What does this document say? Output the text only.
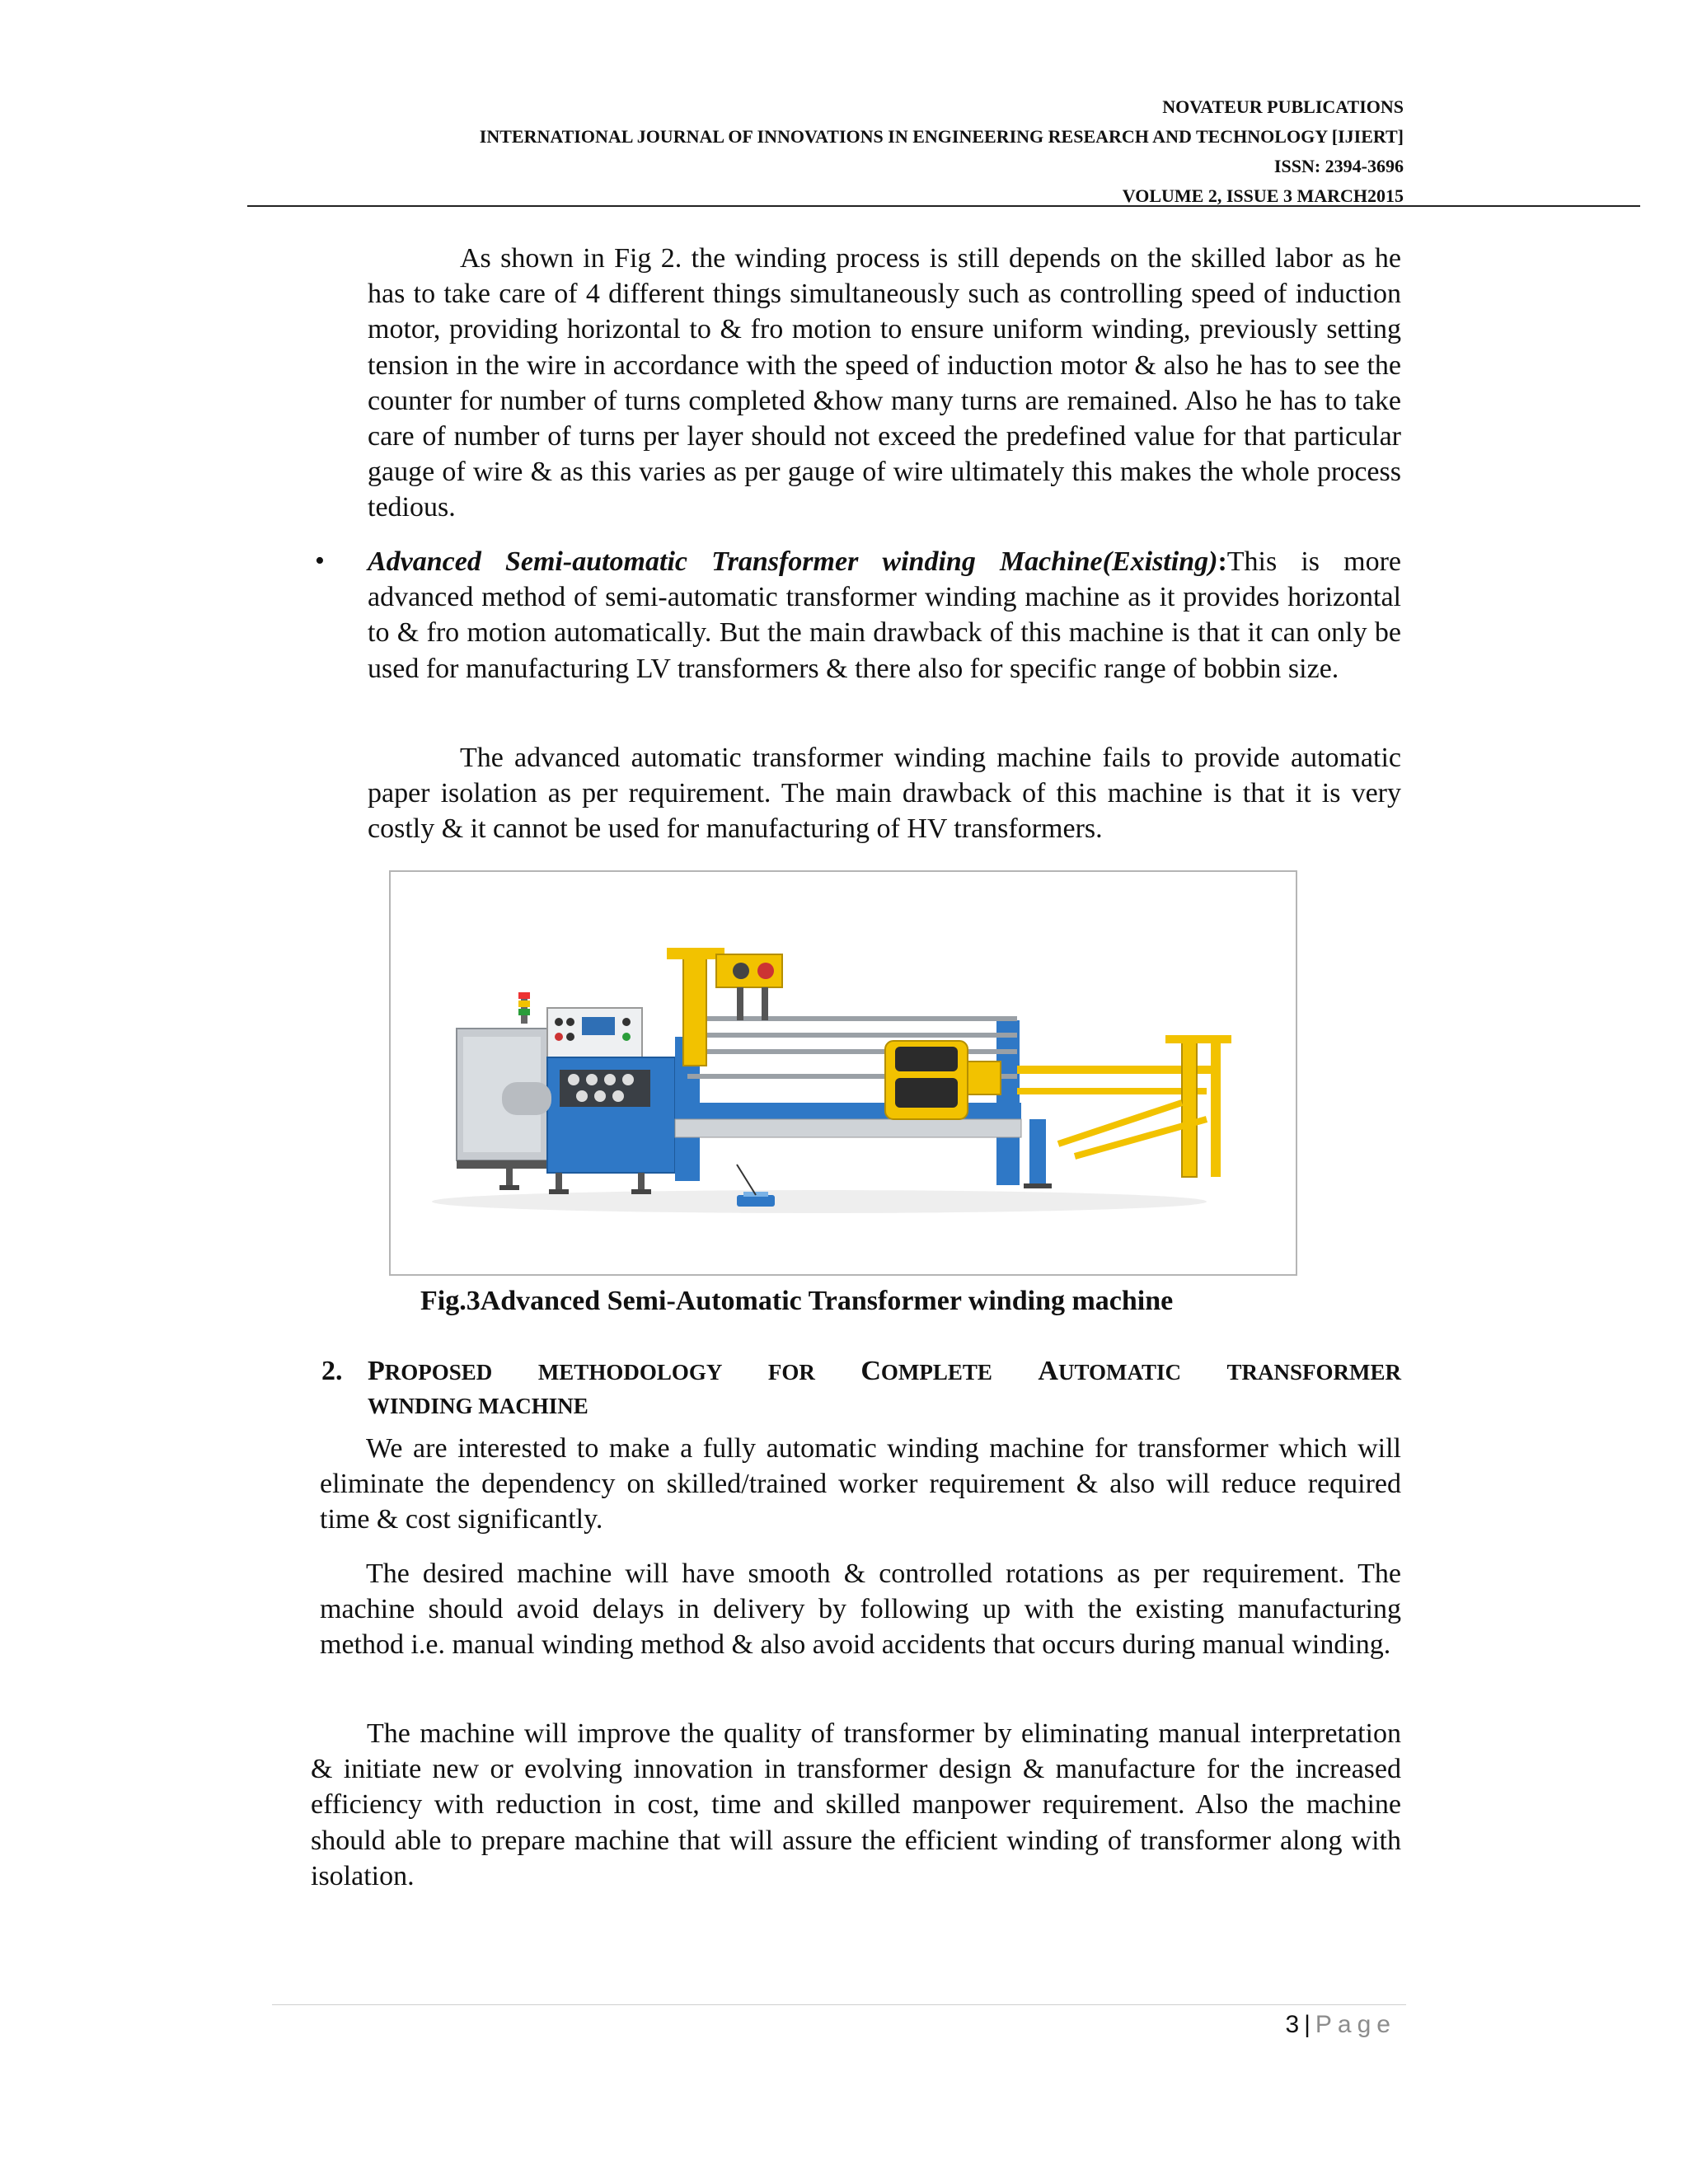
NOVATEUR PUBLICATIONS
INTERNATIONAL JOURNAL OF INNOVATIONS IN ENGINEERING RESEARCH AND TECHNOLOGY [IJIERT]
ISSN: 2394-3696
VOLUME 2, ISSUE 3 MARCH2015
As shown in Fig 2. the winding process is still depends on the skilled labor as he has to take care of 4 different things simultaneously such as controlling speed of induction motor, providing horizontal to & fro motion to ensure uniform winding, previously setting tension in the wire in accordance with the speed of induction motor & also he has to see the counter for number of turns completed &how many turns are remained. Also he has to take care of number of turns per layer should not exceed the predefined value for that particular gauge of wire & as this varies as per gauge of wire ultimately this makes the whole process tedious.
• Advanced Semi-automatic Transformer winding Machine(Existing):This is more advanced method of semi-automatic transformer winding machine as it provides horizontal to & fro motion automatically. But the main drawback of this machine is that it can only be used for manufacturing LV transformers & there also for specific range of bobbin size.
The advanced automatic transformer winding machine fails to provide automatic paper isolation as per requirement. The main drawback of this machine is that it is very costly & it cannot be used for manufacturing of HV transformers.
Fig.3Advanced Semi-Automatic Transformer winding machine
2. PROPOSED METHODOLOGY FOR COMPLETE AUTOMATIC TRANSFORMER
WINDING MACHINE
We are interested to make a fully automatic winding machine for transformer which will eliminate the dependency on skilled/trained worker requirement & also will reduce required time & cost significantly.
The desired machine will have smooth & controlled rotations as per requirement. The machine should avoid delays in delivery by following up with the existing manufacturing method i.e. manual winding method & also avoid accidents that occurs during manual winding.
The machine will improve the quality of transformer by eliminating manual interpretation & initiate new or evolving innovation in transformer design & manufacture for the increased efficiency with reduction in cost, time and skilled manpower requirement. Also the machine should able to prepare machine that will assure the efficient winding of transformer along with isolation.
3 | Page
